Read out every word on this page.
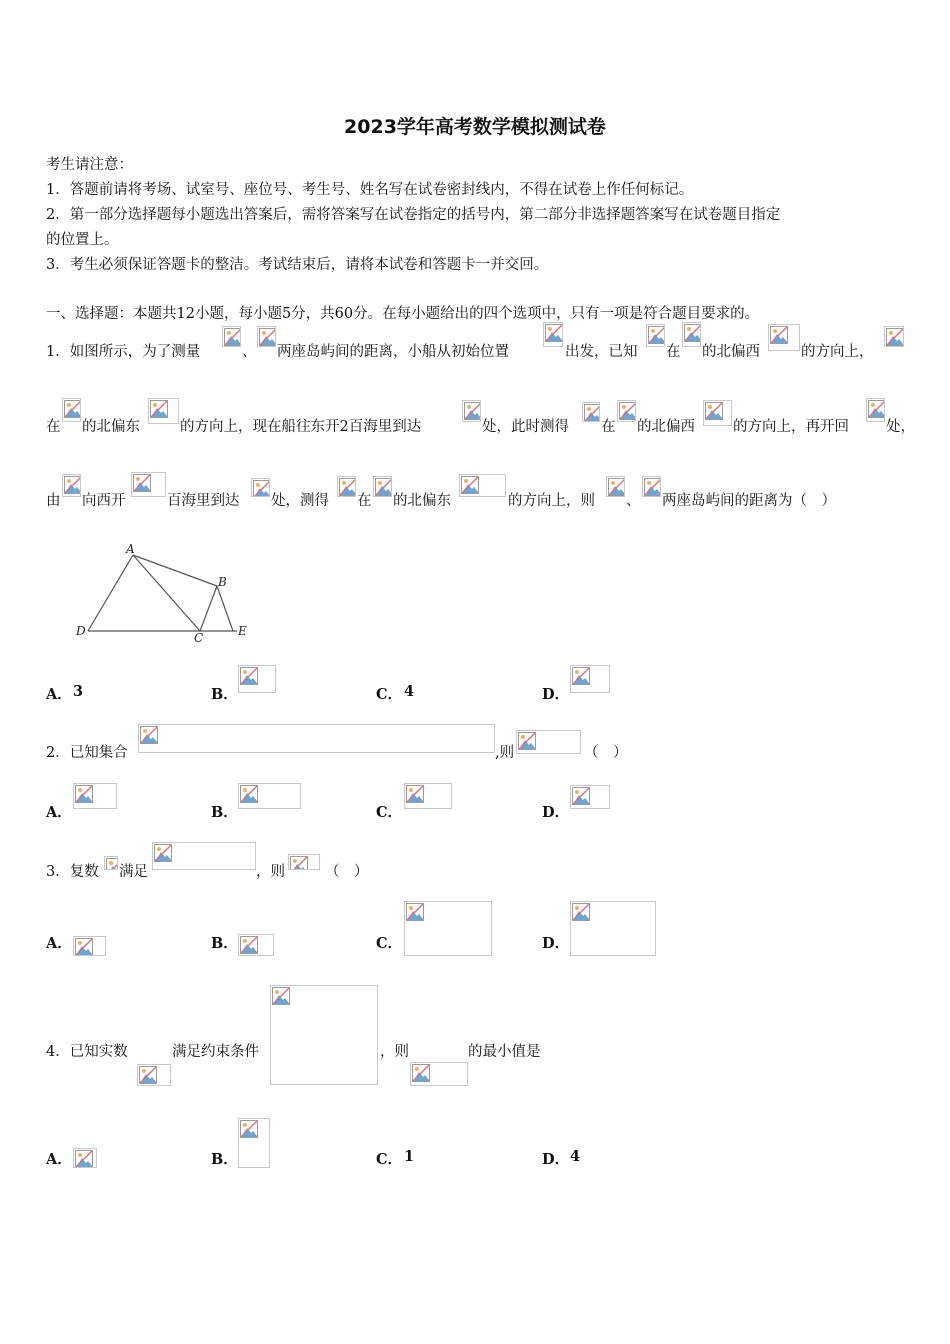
2023学年高考数学模拟测试卷
考生请注意：
1．答题前请将考场、试室号、座位号、考生号、姓名写在试卷密封线内，不得在试卷上作任何标记。
2．第一部分选择题每小题选出答案后，需将答案写在试卷指定的括号内，第二部分非选择题答案写在试卷题目指定
的位置上。
3．考生必须保证答题卡的整洁。考试结束后，请将本试卷和答题卡一并交回。
一、选择题：本题共12小题，每小题5分，共60分。在每小题给出的四个选项中，只有一项是符合题目要求的。
1．如图所示，为了测量	、 两座岛屿间的距离，小船从初始位置	出发，已知 在 的北偏西	的方向上，
在 的北偏东	的方向上，现在船往东开2百海里到达	处，此时测得 在 的北偏西	的方向上，再开回	处，
由 向西开	百海里到达 处，测得 在 的北偏东	的方向上，则 、 两座岛屿间的距离为（　）
A
B
C
D	E
A． 3	B．	C． 4	D．
2．已知集合	,则	（　）
A．	B．	C．	D．
3．复数 满足	，则	（　）
A．	B．	C．	D．
4．已知实数	满足约束条件	，则	的最小值是
A．	B．	C． 1	D． 4
